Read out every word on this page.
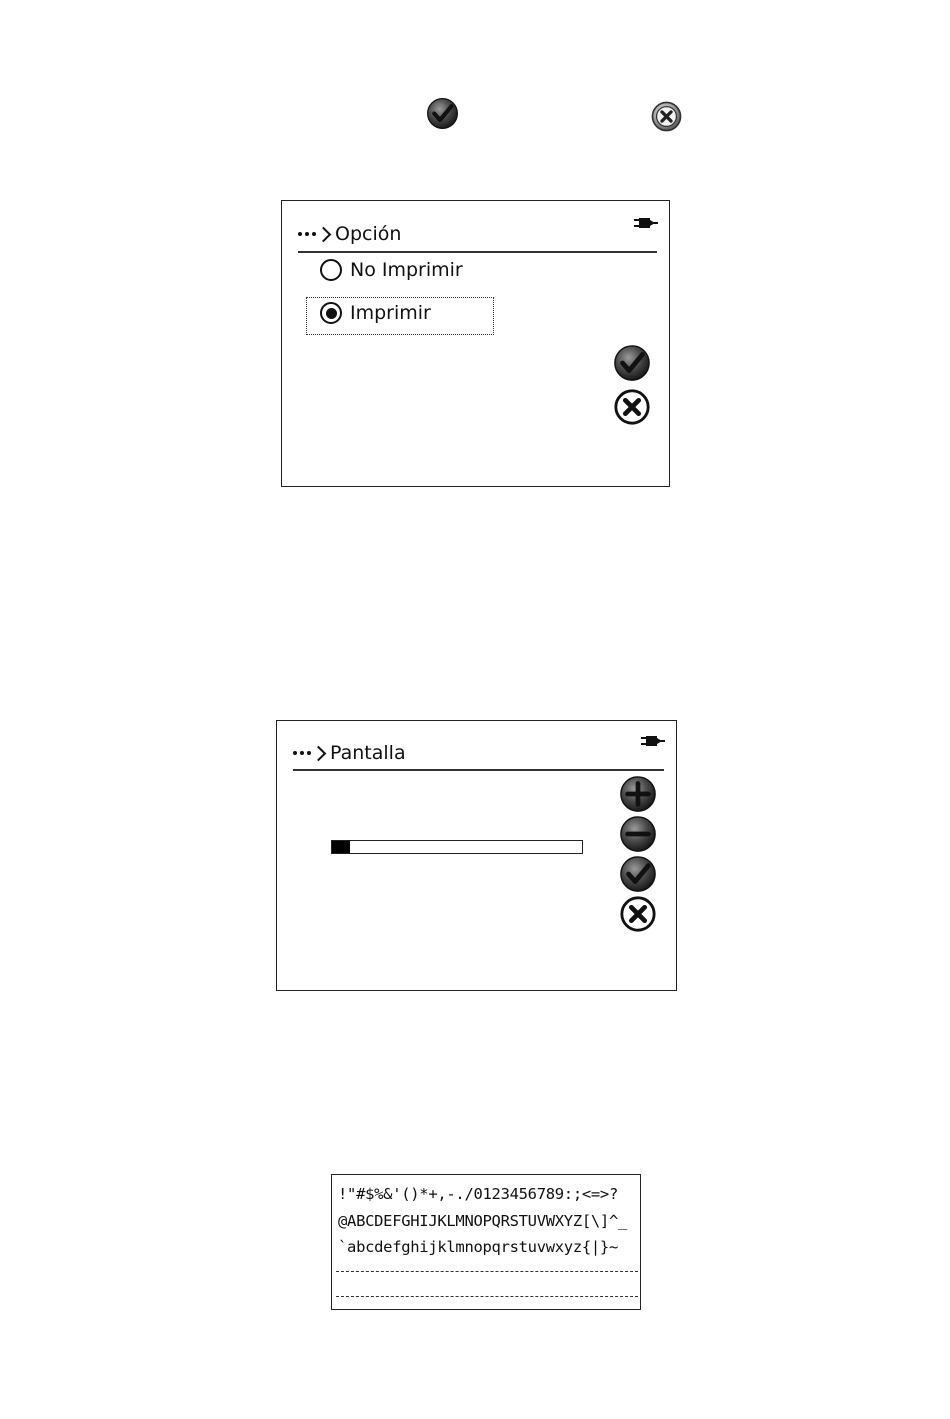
Opción
No Imprimir
Imprimir
Pantalla
!"#$%&'()*+,-./0123456789:;<=>?
@ABCDEFGHIJKLMNOPQRSTUVWXYZ[\]^_
`abcdefghijklmnopqrstuvwxyz{|}~
